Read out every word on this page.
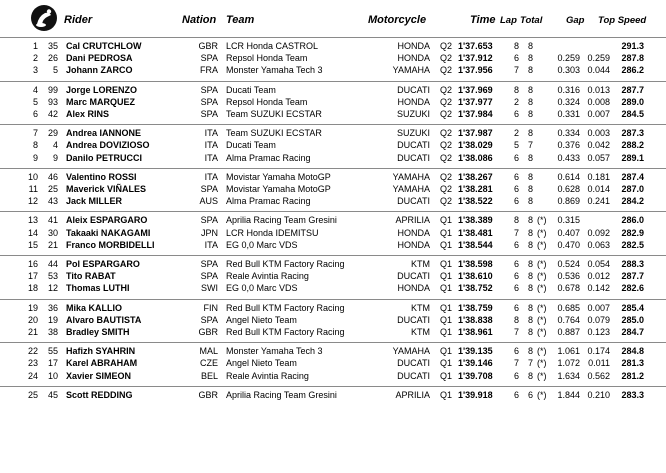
Rider	Nation Team	Motorcycle	Time Lap Total Gap Top Speed
1	35 Cal CRUTCHLOW	GBR LCR Honda CASTROL	HONDA Q2 1'37.653	8 8	291.3
2	26 Dani PEDROSA	SPA Repsol Honda Team	HONDA Q2 1'37.912	6 8	0.259 0.259	287.8
3	5 Johann ZARCO	FRA Monster Yamaha Tech 3	YAMAHA Q2 1'37.956	7 8	0.303 0.044	286.2
4	99 Jorge LORENZO	SPA Ducati Team	DUCATI Q2 1'37.969	8 8	0.316 0.013	287.7
5	93 Marc MARQUEZ	SPA Repsol Honda Team	HONDA Q2 1'37.977	2 8	0.324 0.008	289.0
6	42 Alex RINS	SPA Team SUZUKI ECSTAR	SUZUKI Q2 1'37.984	6 8	0.331 0.007	284.5
7	29 Andrea IANNONE	ITA Team SUZUKI ECSTAR	SUZUKI Q2 1'37.987	2 8	0.334 0.003	287.3
8	4 Andrea DOVIZIOSO	ITA Ducati Team	DUCATI Q2 1'38.029	5 7	0.376 0.042	288.2
9	9 Danilo PETRUCCI	ITA Alma Pramac Racing	DUCATI Q2 1'38.086	6 8	0.433 0.057	289.1
10	46 Valentino ROSSI	ITA Movistar Yamaha MotoGP	YAMAHA Q2 1'38.267	6 8	0.614 0.181	287.4
11	25 Maverick VIÑALES	SPA Movistar Yamaha MotoGP	YAMAHA Q2 1'38.281	6 8	0.628 0.014	287.0
12	43 Jack MILLER	AUS Alma Pramac Racing	DUCATI Q2 1'38.522	6 8	0.869 0.241	284.2
13	41 Aleix ESPARGARO	SPA Aprilia Racing Team Gresini	APRILIA Q1 1'38.389	8 8 (*)	0.315	286.0
14	30 Takaaki NAKAGAMI	JPN LCR Honda IDEMITSU	HONDA Q1 1'38.481	7 8 (*)	0.407 0.092	282.9
15	21 Franco MORBIDELLI	ITA EG 0,0 Marc VDS	HONDA Q1 1'38.544	6 8 (*)	0.470 0.063	282.5
16	44 Pol ESPARGARO	SPA Red Bull KTM Factory Racing	KTM Q1 1'38.598	6 8 (*)	0.524 0.054	288.3
17	53 Tito RABAT	SPA Reale Avintia Racing	DUCATI Q1 1'38.610	6 8 (*)	0.536 0.012	287.7
18	12 Thomas LUTHI	SWI EG 0,0 Marc VDS	HONDA Q1 1'38.752	6 8 (*)	0.678 0.142	282.6
19	36 Mika KALLIO	FIN Red Bull KTM Factory Racing	KTM Q1 1'38.759	6 8 (*)	0.685 0.007	285.4
20	19 Alvaro BAUTISTA	SPA Angel Nieto Team	DUCATI Q1 1'38.838	8 8 (*)	0.764 0.079	285.0
21	38 Bradley SMITH	GBR Red Bull KTM Factory Racing	KTM Q1 1'38.961	7 8 (*)	0.887 0.123	284.7
22	55 Hafizh SYAHRIN	MAL Monster Yamaha Tech 3	YAMAHA Q1 1'39.135	6 8 (*)	1.061 0.174	284.8
23	17 Karel ABRAHAM	CZE Angel Nieto Team	DUCATI Q1 1'39.146	7 7 (*)	1.072 0.011	281.3
24	10 Xavier SIMEON	BEL Reale Avintia Racing	DUCATI Q1 1'39.708	6 8 (*)	1.634 0.562	281.2
25	45 Scott REDDING	GBR Aprilia Racing Team Gresini	APRILIA Q1 1'39.918	6 6 (*)	1.844 0.210	283.3
